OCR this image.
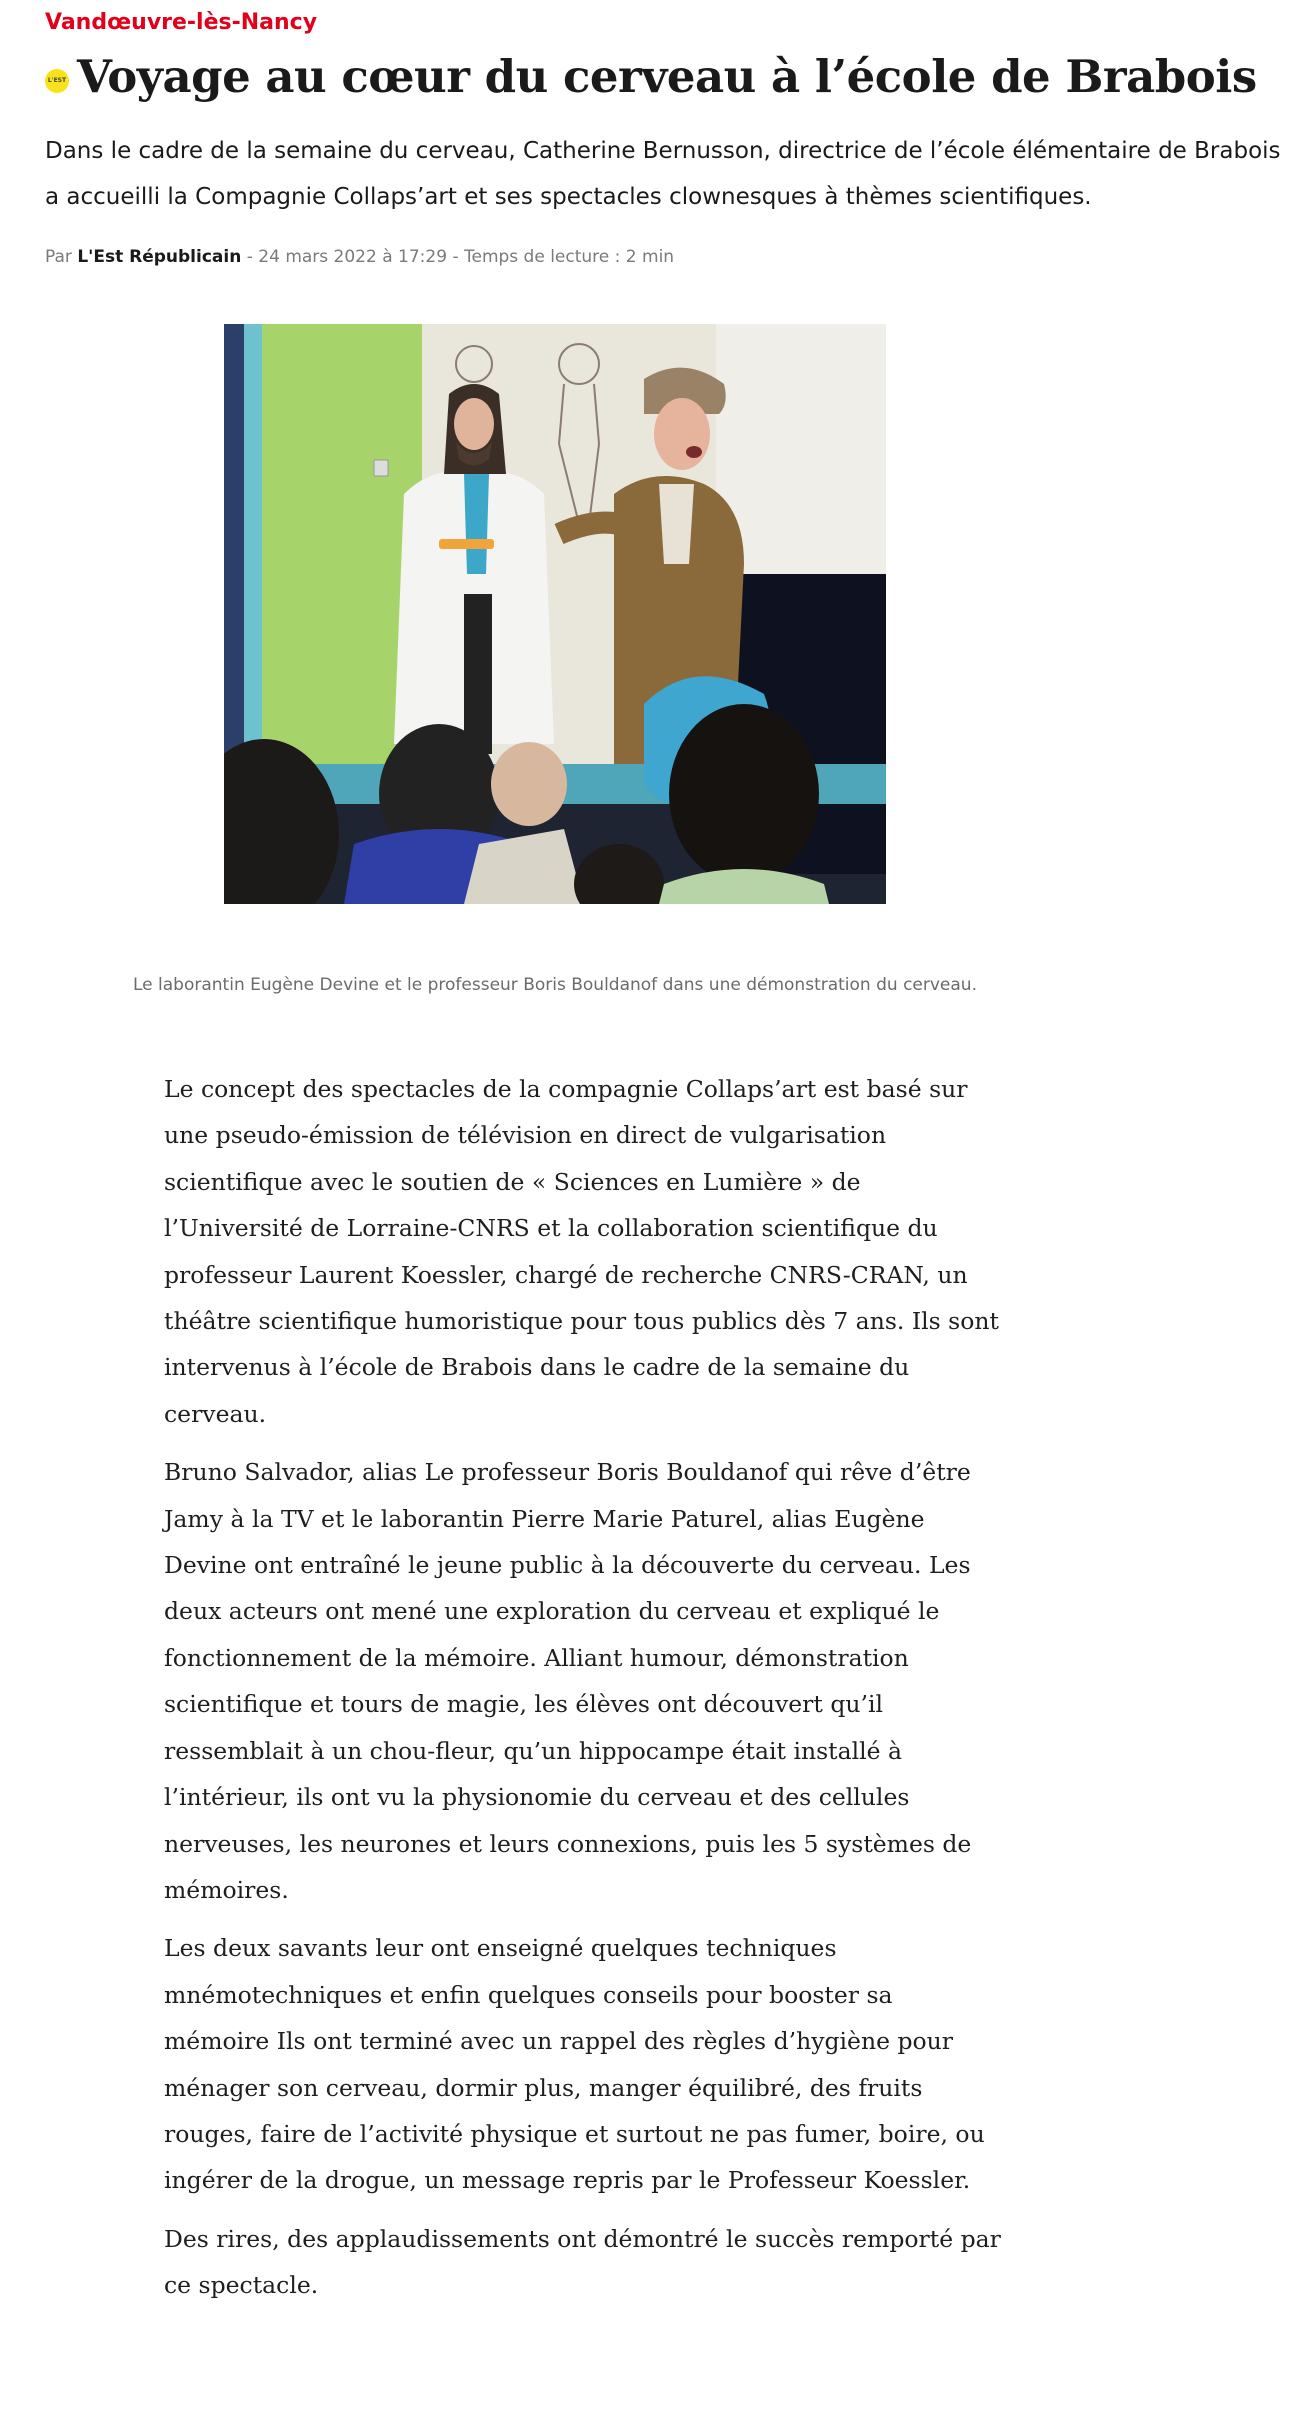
Vandœuvre-lès-Nancy
L'EST Voyage au cœur du cerveau à l’école de Brabois

Dans le cadre de la semaine du cerveau, Catherine Bernusson, directrice de l’école élémentaire de Brabois a accueilli la Compagnie Collaps’art et ses spectacles clownesques à thèmes scientifiques.

Par L'Est Républicain - 24 mars 2022 à 17:29 - Temps de lecture : 2 min
Le laborantin Eugène Devine et le professeur Boris Bouldanof dans une démonstration du cerveau.

Le concept des spectacles de la compagnie Collaps’art est basé sur une pseudo-émission de télévision en direct de vulgarisation scientifique avec le soutien de « Sciences en Lumière » de l’Université de Lorraine-CNRS et la collaboration scientifique du professeur Laurent Koessler, chargé de recherche CNRS-CRAN, un théâtre scientifique humoristique pour tous publics dès 7 ans. Ils sont intervenus à l’école de Brabois dans le cadre de la semaine du cerveau.

Bruno Salvador, alias Le professeur Boris Bouldanof qui rêve d’être Jamy à la TV et le laborantin Pierre Marie Paturel, alias Eugène Devine ont entraîné le jeune public à la découverte du cerveau. Les deux acteurs ont mené une exploration du cerveau et expliqué le fonctionnement de la mémoire. Alliant humour, démonstration scientifique et tours de magie, les élèves ont découvert qu’il ressemblait à un chou-fleur, qu’un hippocampe était installé à l’intérieur, ils ont vu la physionomie du cerveau et des cellules nerveuses, les neurones et leurs connexions, puis les 5 systèmes de mémoires.

Les deux savants leur ont enseigné quelques techniques mnémotechniques et enfin quelques conseils pour booster sa mémoire Ils ont terminé avec un rappel des règles d’hygiène pour ménager son cerveau, dormir plus, manger équilibré, des fruits rouges, faire de l’activité physique et surtout ne pas fumer, boire, ou ingérer de la drogue, un message repris par le Professeur Koessler.

Des rires, des applaudissements ont démontré le succès remporté par ce spectacle.
